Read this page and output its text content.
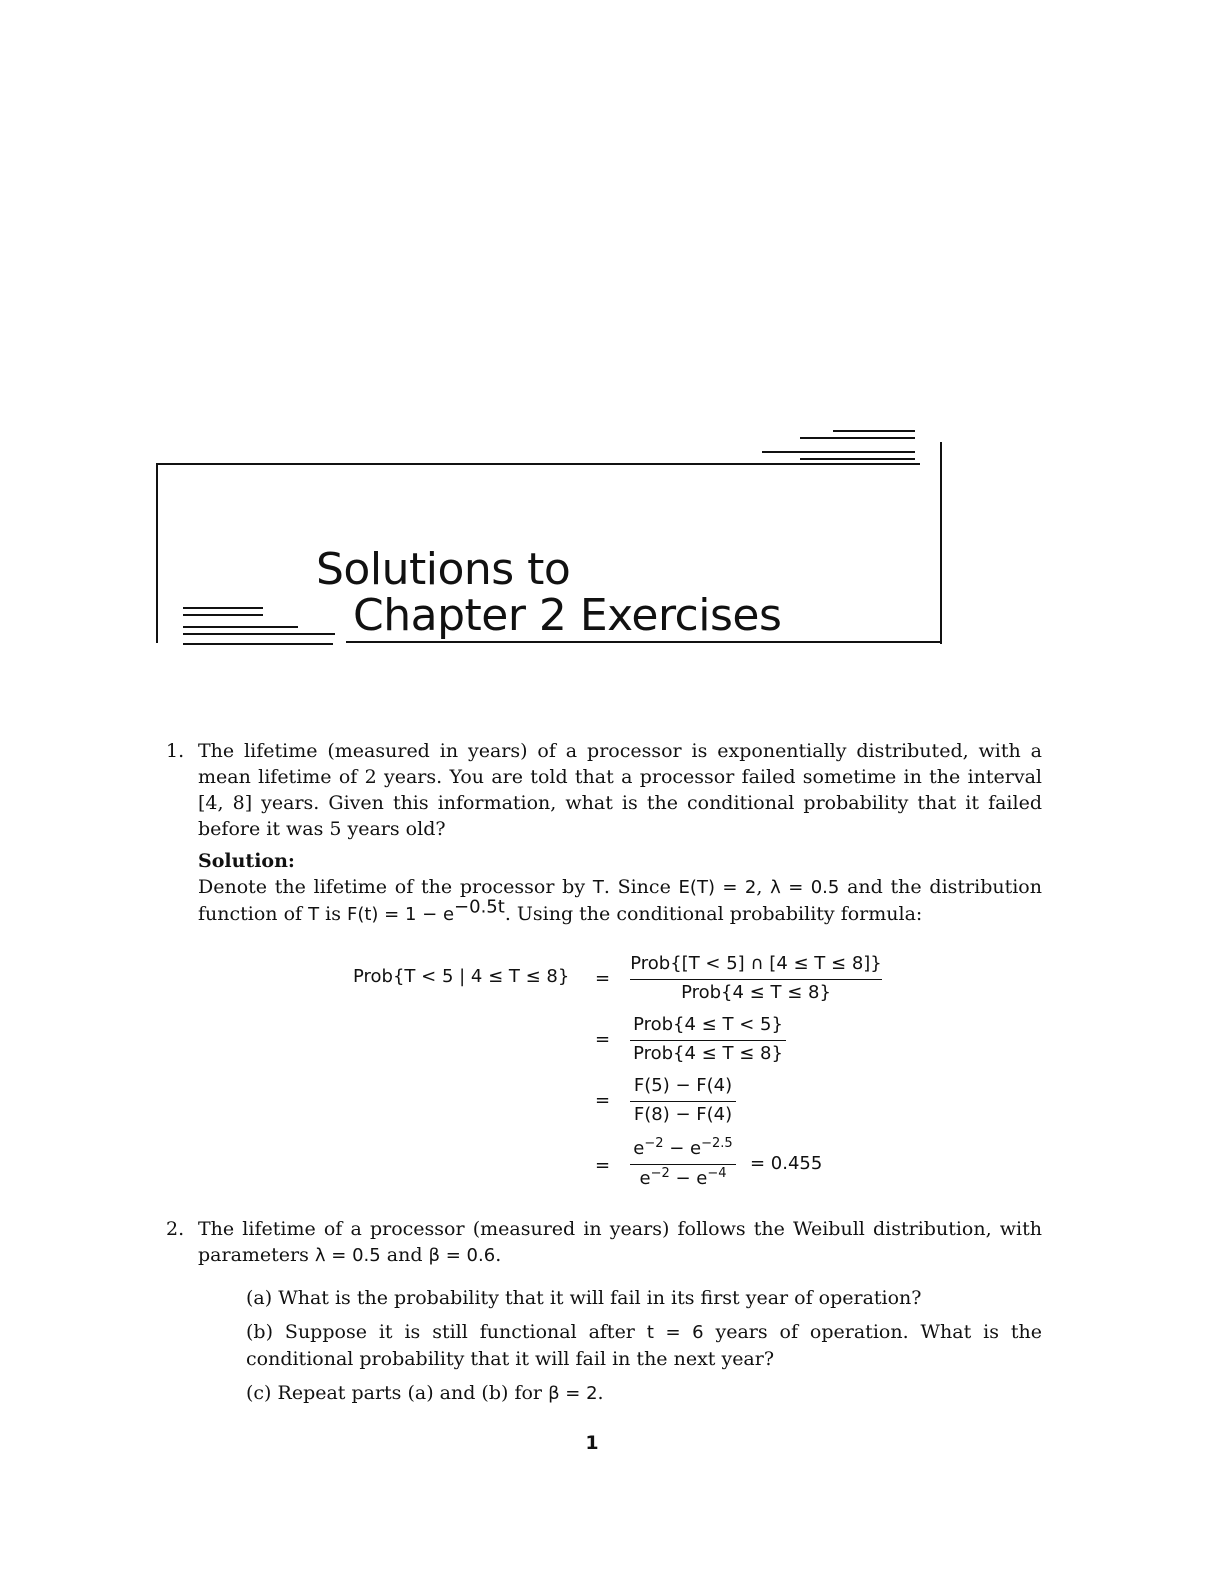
Solutions to
Chapter 2 Exercises
1. The lifetime (measured in years) of a processor is exponentially distributed, with a mean lifetime of 2 years. You are told that a processor failed sometime in the interval [4, 8] years. Given this information, what is the conditional probability that it failed before it was 5 years old?
Solution:
Denote the lifetime of the processor by T. Since E(T) = 2, λ = 0.5 and the distribution function of T is $F(t) = 1 - e^{-0.5t}$. Using the conditional probability formula:
Prob{T < 5 | 4 ≤ T ≤ 8} =
Prob{[T < 5] ∩ [4 ≤ T ≤ 8]}
Prob{4 ≤ T ≤ 8}
=
Prob{4 ≤ T < 5}
Prob{4 ≤ T ≤ 8}
=
F(5) − F(4)
F(8) − F(4)
=
$e^{-2} - e^{-2.5}$
$e^{-2} - e^{-4}$	= 0.455
2. The lifetime of a processor (measured in years) follows the Weibull distribution, with parameters λ = 0.5 and β = 0.6.
(a) What is the probability that it will fail in its first year of operation?
(b) Suppose it is still functional after t = 6 years of operation. What is the conditional probability that it will fail in the next year?
(c) Repeat parts (a) and (b) for β = 2.
1
